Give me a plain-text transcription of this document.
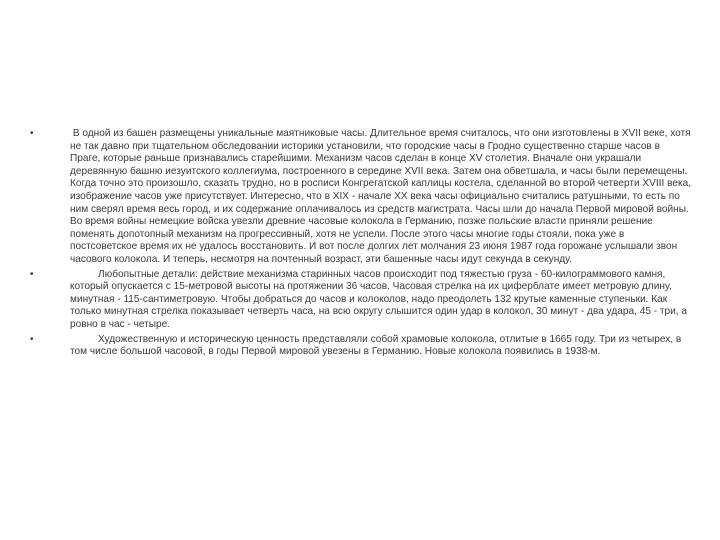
•	В одной из башен размещены уникальные маятниковые часы. Длительное время считалось, что они изготовлены в XVII веке, хотя не так давно при тщательном обследовании историки установили, что городские часы в Гродно существенно старше часов в Праге, которые раньше признавались старейшими. Механизм часов сделан в конце XV столетия. Вначале они украшали деревянную башню иезуитского коллегиума, построенного в середине XVII века. Затем она обветшала, и часы были перемещены. Когда точно это произошло, сказать трудно, но в росписи Конгрегатской каплицы костела, сделанной во второй четверти XVIII века, изображение часов уже присутствует. Интересно, что в XIX - начале XX века часы официально считались ратушными, то есть по ним сверял время весь город, и их содержание оплачивалось из средств магистрата. Часы шли до начала Первой мировой войны. Во время войны немецкие войска увезли древние часовые колокола в Германию, позже польские власти приняли решение поменять допотопный механизм на прогрессивный, хотя не успели. После этого часы многие годы стояли, пока уже в постсоветское время их не удалось восстановить. И вот после долгих лет молчания 23 июня 1987 года горожане услышали звон часового колокола. И теперь, несмотря на почтенный возраст, эти башенные часы идут секунда в секунду.
•	Любопытные детали: действие механизма старинных часов происходит под тяжестью груза - 60-килограммового камня, который опускается с 15-метровой высоты на протяжении 36 часов. Часовая стрелка на их циферблате имеет метровую длину, минутная - 115-сантиметровую. Чтобы добраться до часов и колоколов, надо преодолеть 132 крутые каменные ступеньки. Как только минутная стрелка показывает четверть часа, на всю округу слышится один удар в колокол, 30 минут - два удара, 45 - три, а ровно в час - четыре.
•	Художественную и историческую ценность представляли собой храмовые колокола, отлитые в 1665 году. Три из четырех, в том числе большой часовой, в годы Первой мировой увезены в Германию. Новые колокола появились в 1938-м.
